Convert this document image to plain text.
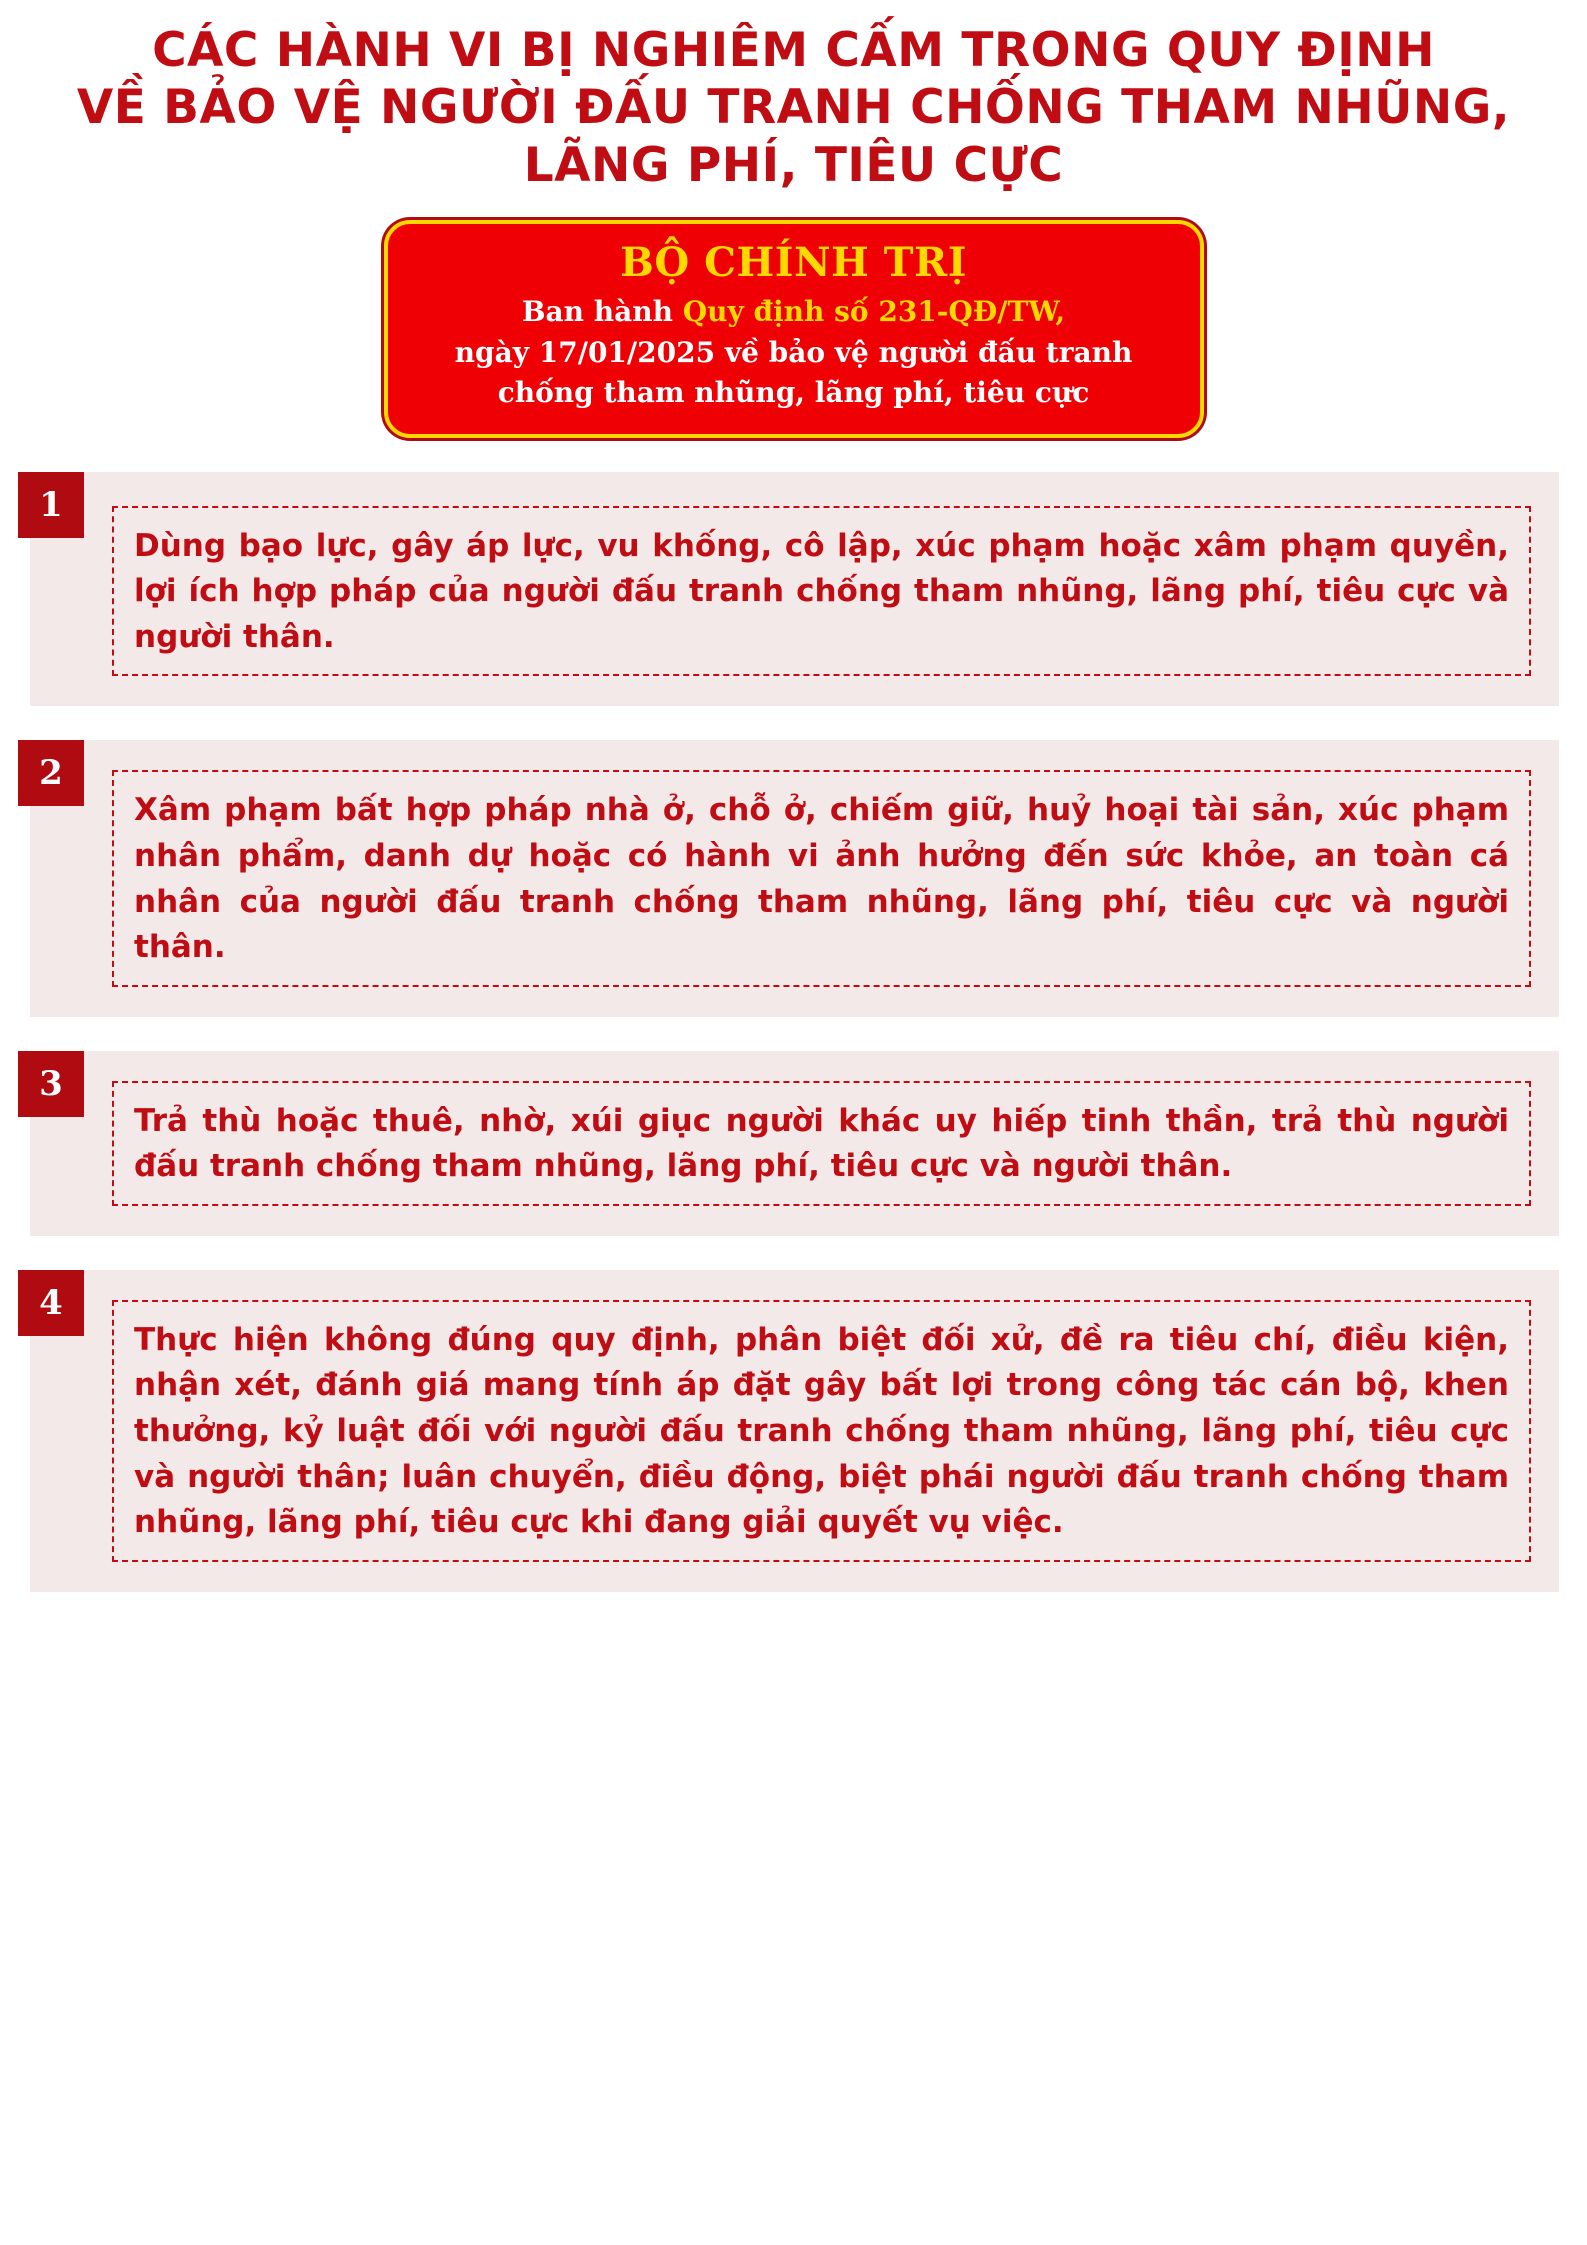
CÁC HÀNH VI BỊ NGHIÊM CẤM TRONG QUY ĐỊNH
VỀ BẢO VỆ NGƯỜI ĐẤU TRANH CHỐNG THAM NHŨNG,
LÃNG PHÍ, TIÊU CỰC
BỘ CHÍNH TRỊ
Ban hành Quy định số 231-QĐ/TW,
ngày 17/01/2025 về bảo vệ người đấu tranh
chống tham nhũng, lãng phí, tiêu cực
1
Dùng bạo lực, gây áp lực, vu khống, cô lập, xúc phạm hoặc xâm phạm quyền, lợi ích hợp pháp của người đấu tranh chống tham nhũng, lãng phí, tiêu cực và người thân.
2
Xâm phạm bất hợp pháp nhà ở, chỗ ở, chiếm giữ, huỷ hoại tài sản, xúc phạm nhân phẩm, danh dự hoặc có hành vi ảnh hưởng đến sức khỏe, an toàn cá nhân của người đấu tranh chống tham nhũng, lãng phí, tiêu cực và người thân.
3
Trả thù hoặc thuê, nhờ, xúi giục người khác uy hiếp tinh thần, trả thù người đấu tranh chống tham nhũng, lãng phí, tiêu cực và người thân.
4
Thực hiện không đúng quy định, phân biệt đối xử, đề ra tiêu chí, điều kiện, nhận xét, đánh giá mang tính áp đặt gây bất lợi trong công tác cán bộ, khen thưởng, kỷ luật đối với người đấu tranh chống tham nhũng, lãng phí, tiêu cực và người thân; luân chuyển, điều động, biệt phái người đấu tranh chống tham nhũng, lãng phí, tiêu cực khi đang giải quyết vụ việc.
